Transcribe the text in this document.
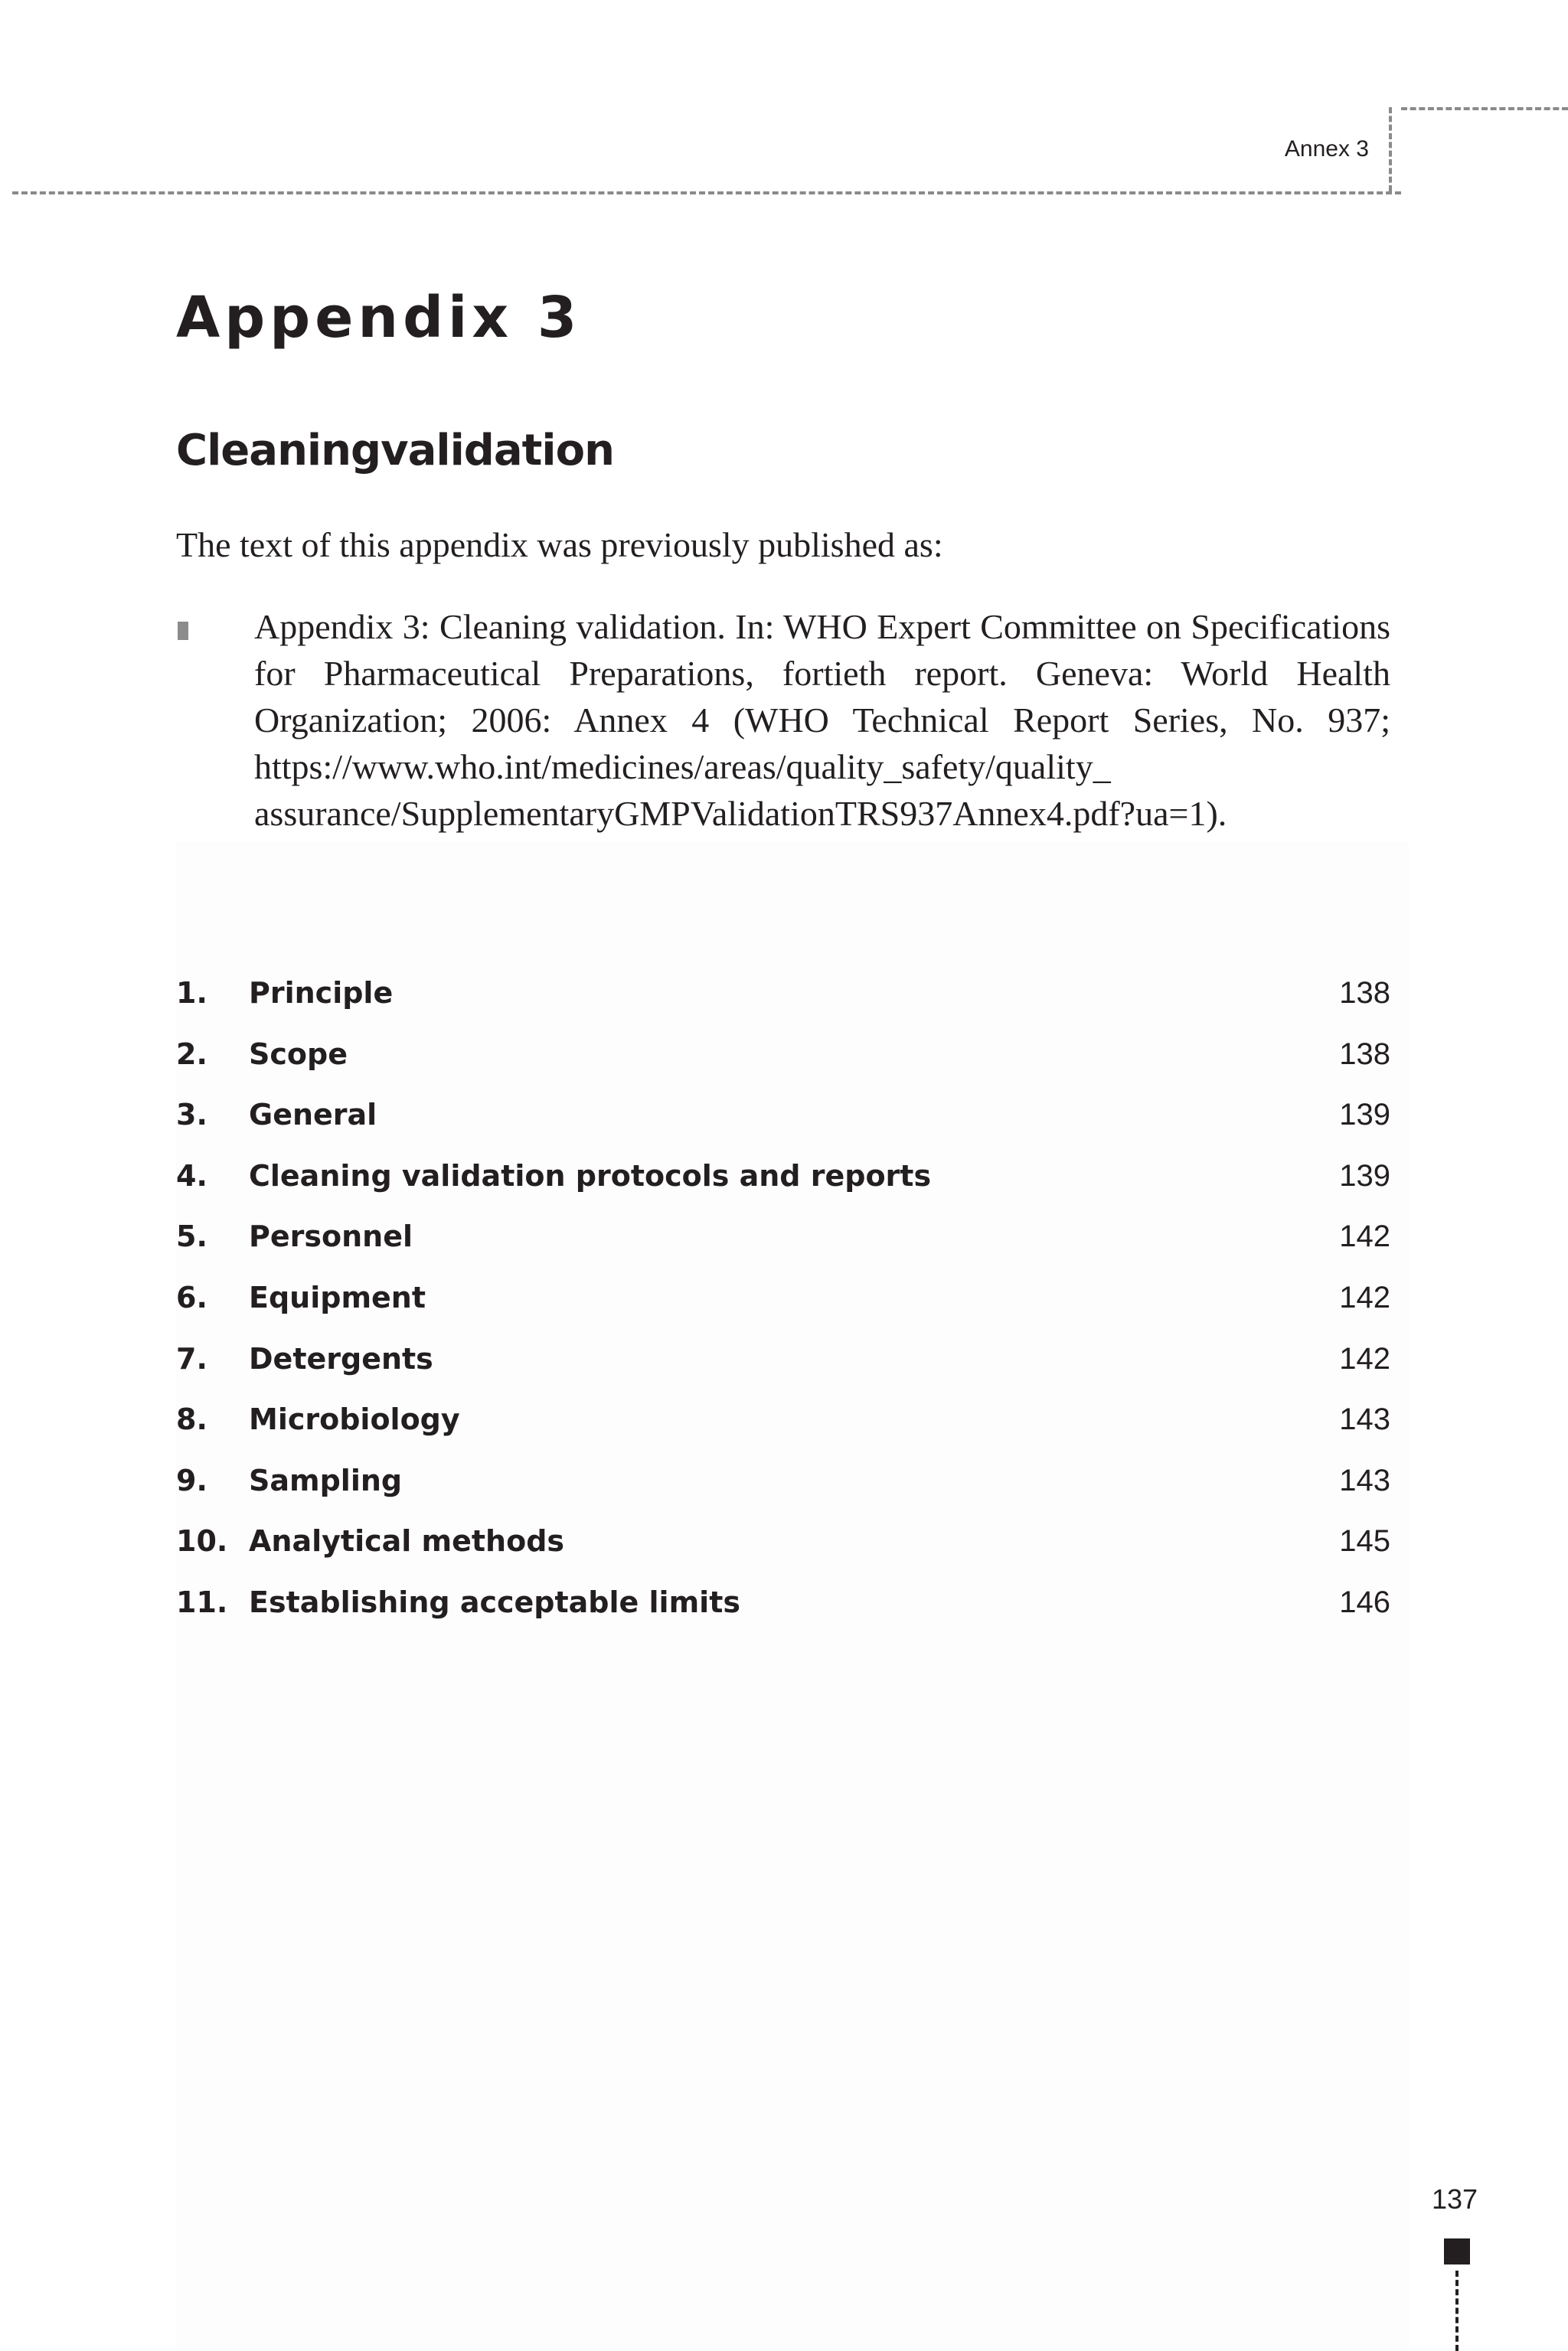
Annex 3
Appendix 3
Cleaningvalidation

The text of this appendix was previously published as:

Appendix 3: Cleaning validation. In: WHO Expert Committee on Specifications for Pharmaceutical Preparations, fortieth report. Geneva: World Health Organization; 2006: Annex 4 (WHO Technical Report Series, No. 937; https://www.who.int/medicines/areas/quality_safety/quality_ assurance/SupplementaryGMPValidationTRS937Annex4.pdf?ua=1).

1. Principle	138
2. Scope	138
3. General	139
4. Cleaning validation protocols and reports	139
5. Personnel	142
6. Equipment	142
7. Detergents	142
8. Microbiology	143
9. Sampling	143
10. Analytical methods	145
11. Establishing acceptable limits	146
137
